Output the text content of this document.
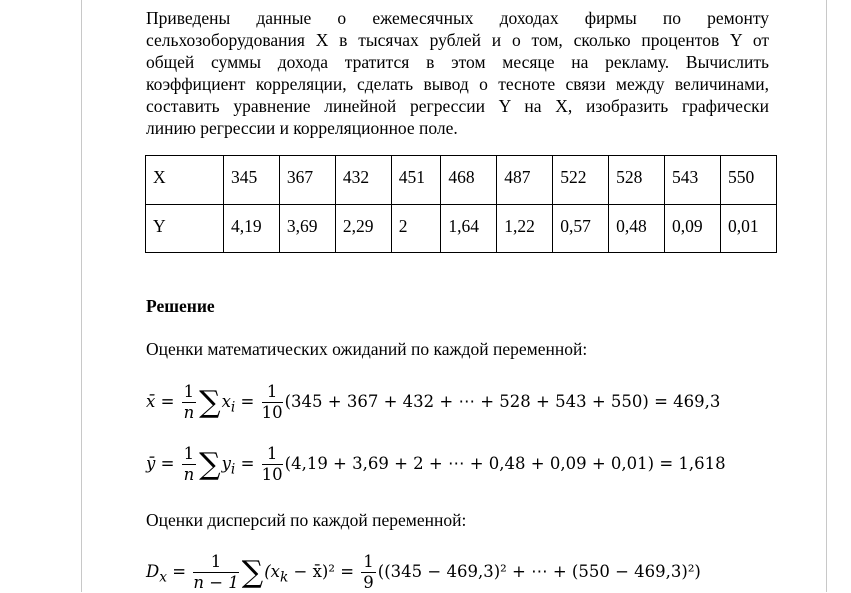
Приведены данные о ежемесячных доходах фирмы по ремонту
сельхозоборудования X в тысячах рублей и о том, сколько процентов Y от
общей суммы дохода тратится в этом месяце на рекламу. Вычислить
коэффициент корреляции, сделать вывод о тесноте связи между величинами,
составить уравнение линейной регрессии Y на X, изобразить графически
линию регрессии и корреляционное поле.
X	345	367	432	451	468	487	522	528	543	550
Y	4,19	3,69	2,29	2	1,64	1,22	0,57	0,48	0,09	0,01
Решение
Оценки математических ожиданий по каждой переменной:
x̄ = $\frac{1}{n} \sum x_i = \frac{1}{10} (345 + 367 + 432$ + ⋯ + 528 + 543 + 550) = 469,3
ȳ = $\frac{1}{n} \sum y_i = \frac{1}{10} (4,19 + 3,69 + 2$ + ⋯ + 0,48 + 0,09 + 0,01) = 1,618
Оценки дисперсий по каждой переменной:
$D_x = \frac{1}{n - 1} \sum(x_k$ − x̄)² = $\frac{1}{9} ((345 - 469,3)^2$ + ⋯ + (550 − 469,3)²)
